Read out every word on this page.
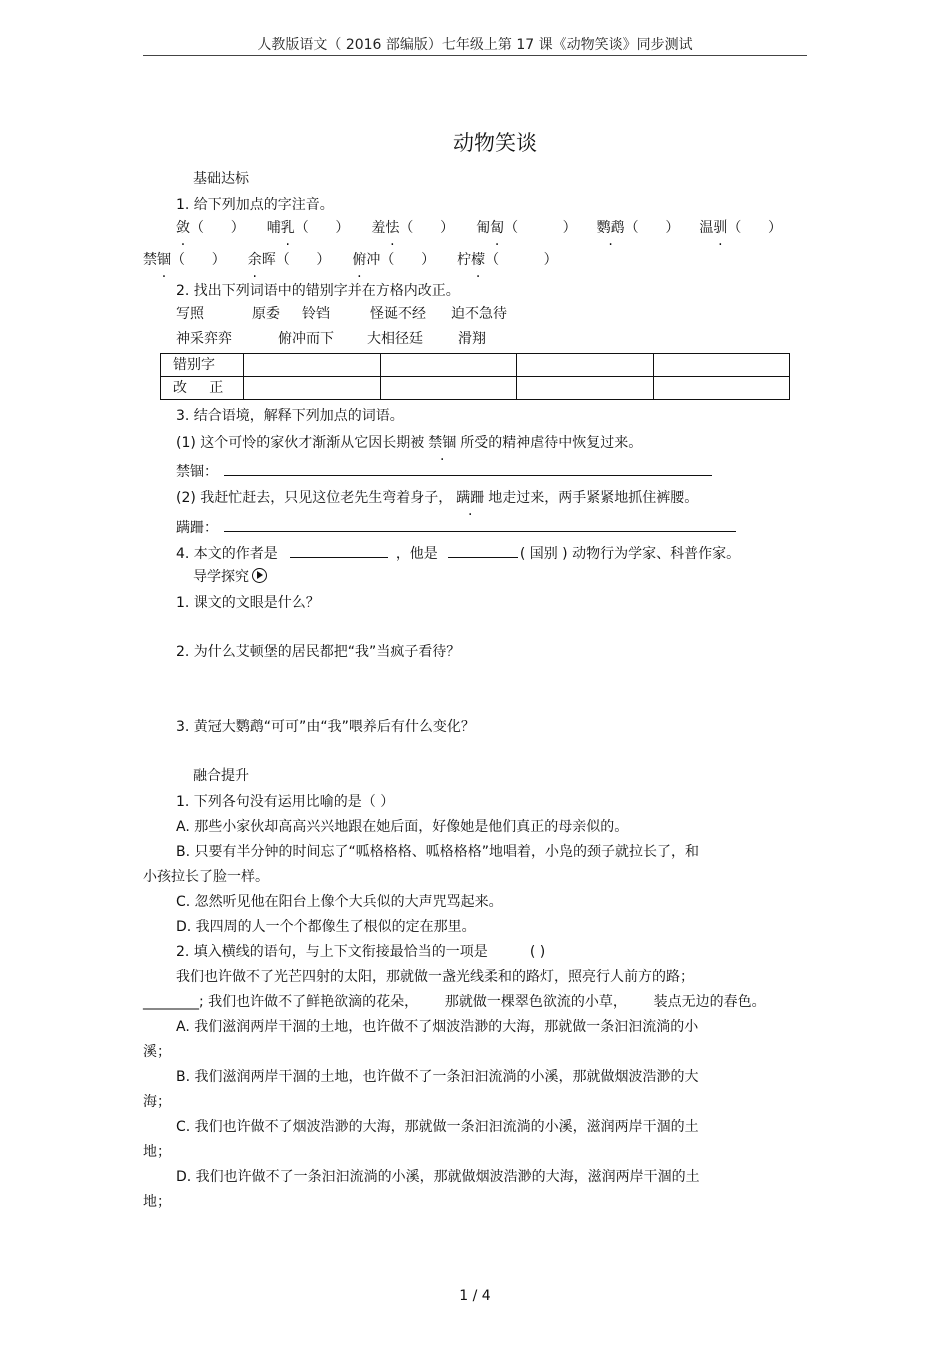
人教版语文（ 2016 部编版）七年级上第 17 课《动物笑谈》同步测试
动物笑谈
基础达标
1. 给下列加点的字注音。
敛（      ） 哺乳（      ） 羞怯（      ） 匍匐（          ） 鹦鹉（      ） 温驯（      ）
禁锢（      ） 余晖（      ） 俯冲（      ） 柠檬（          ）
2. 找出下列词语中的错别字并在方格内改正。
写照	原委 铃铛	怪诞不经 迫不急待
神采弈弈	俯冲而下 大相径廷	滑翔
错别字				
改     正				
3. 结合语境，解释下列加点的词语。
(1) 这个可怜的家伙才渐渐从它因长期被 禁锢 所受的精神虐待中恢复过来。
禁锢：
(2) 我赶忙赶去，只见这位老先生弯着身子， 蹒跚 地走过来，两手紧紧地抓住裤腰。
蹒跚：
4. 本文的作者是	，他是	( 国别 ) 动物行为学家、科普作家。
导学探究
1. 课文的文眼是什么？
2. 为什么艾顿堡的居民都把“我”当疯子看待？
3. 黄冠大鹦鹉“可可”由“我”喂养后有什么变化？
融合提升
1. 下列各句没有运用比喻的是（ ）
A. 那些小家伙却高高兴兴地跟在她后面，好像她是他们真正的母亲似的。
B. 只要有半分钟的时间忘了“呱格格格、呱格格格”地唱着，小凫的颈子就拉长了，和
小孩拉长了脸一样。
C. 忽然听见他在阳台上像个大兵似的大声咒骂起来。
D. 我四周的人一个个都像生了根似的定在那里。
2. 填入横线的语句，与上下文衔接最恰当的一项是	( )
我们也许做不了光芒四射的太阳，那就做一盏光线柔和的路灯，照亮行人前方的路；
________; 我们也许做不了鲜艳欲滴的花朵，      那就做一棵翠色欲流的小草，      装点无边的春色。
A. 我们滋润两岸干涸的土地，也许做不了烟波浩渺的大海，那就做一条汩汩流淌的小
溪；
B. 我们滋润两岸干涸的土地，也许做不了一条汩汩流淌的小溪，那就做烟波浩渺的大
海；
C. 我们也许做不了烟波浩渺的大海，那就做一条汩汩流淌的小溪，滋润两岸干涸的土
地；
D. 我们也许做不了一条汩汩流淌的小溪，那就做烟波浩渺的大海，滋润两岸干涸的土
地；
1 / 4
